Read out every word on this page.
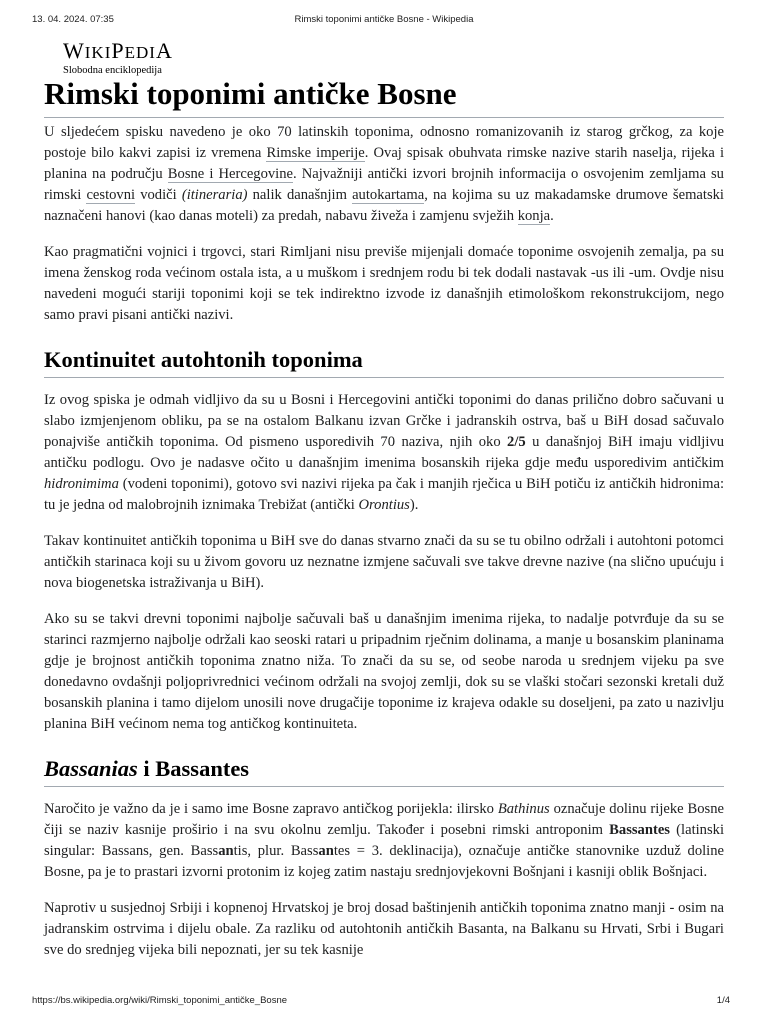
13. 04. 2024. 07:35	Rimski toponimi antičke Bosne - Wikipedia
WIKIPEDIA
Slobodna enciklopedija
Rimski toponimi antičke Bosne

U sljedećem spisku navedeno je oko 70 latinskih toponima, odnosno romanizovanih iz starog grčkog, za koje postoje bilo kakvi zapisi iz vremena Rimske imperije. Ovaj spisak obuhvata rimske nazive starih naselja, rijeka i planina na području Bosne i Hercegovine. Najvažniji antički izvori brojnih informacija o osvojenim zemljama su rimski cestovni vodiči (itineraria) nalik današnjim autokartama, na kojima su uz makadamske drumove šematski naznačeni hanovi (kao danas moteli) za predah, nabavu živeža i zamjenu svježih konja.

Kao pragmatični vojnici i trgovci, stari Rimljani nisu previše mijenjali domaće toponime osvojenih zemalja, pa su imena ženskog roda većinom ostala ista, a u muškom i srednjem rodu bi tek dodali nastavak -us ili -um. Ovdje nisu navedeni mogući stariji toponimi koji se tek indirektno izvode iz današnjih etimološkom rekonstrukcijom, nego samo pravi pisani antički nazivi.

Kontinuitet autohtonih toponima

Iz ovog spiska je odmah vidljivo da su u Bosni i Hercegovini antički toponimi do danas prilično dobro sačuvani u slabo izmjenjenom obliku, pa se na ostalom Balkanu izvan Grčke i jadranskih ostrva, baš u BiH dosad sačuvalo ponajviše antičkih toponima. Od pismeno usporedivih 70 naziva, njih oko 2/5 u današnjoj BiH imaju vidljivu antičku podlogu. Ovo je nadasve očito u današnjim imenima bosanskih rijeka gdje među usporedivim antičkim hidronimima (vodeni toponimi), gotovo svi nazivi rijeka pa čak i manjih rječica u BiH potiču iz antičkih hidronima: tu je jedna od malobrojnih iznimaka Trebižat (antički Orontius).

Takav kontinuitet antičkih toponima u BiH sve do danas stvarno znači da su se tu obilno održali i autohtoni potomci antičkih starinaca koji su u živom govoru uz neznatne izmjene sačuvali sve takve drevne nazive (na slično upućuju i nova biogenetska istraživanja u BiH).

Ako su se takvi drevni toponimi najbolje sačuvali baš u današnjim imenima rijeka, to nadalje potvrđuje da su se starinci razmjerno najbolje održali kao seoski ratari u pripadnim rječnim dolinama, a manje u bosanskim planinama gdje je brojnost antičkih toponima znatno niža. To znači da su se, od seobe naroda u srednjem vijeku pa sve donedavno ovdašnji poljoprivrednici većinom održali na svojoj zemlji, dok su se vlaški stočari sezonski kretali duž bosanskih planina i tamo dijelom unosili nove drugačije toponime iz krajeva odakle su doseljeni, pa zato u nazivlju planina BiH većinom nema tog antičkog kontinuiteta.

Bassanias i Bassantes

Naročito je važno da je i samo ime Bosne zapravo antičkog porijekla: ilirsko Bathinus označuje dolinu rijeke Bosne čiji se naziv kasnije proširio i na svu okolnu zemlju. Također i posebni rimski antroponim Bassantes (latinski singular: Bassans, gen. Bassantis, plur. Bassantes = 3. deklinacija), označuje antičke stanovnike uzduž doline Bosne, pa je to prastari izvorni protonim iz kojeg zatim nastaju srednjovjekovni Bošnjani i kasniji oblik Bošnjaci.

Naprotiv u susjednoj Srbiji i kopnenoj Hrvatskoj je broj dosad baštinjenih antičkih toponima znatno manji - osim na jadranskim ostrvima i dijelu obale. Za razliku od autohtonih antičkih Basanta, na Balkanu su Hrvati, Srbi i Bugari sve do srednjeg vijeka bili nepoznati, jer su tek kasnije

https://bs.wikipedia.org/wiki/Rimski_toponimi_antičke_Bosne	1/4
